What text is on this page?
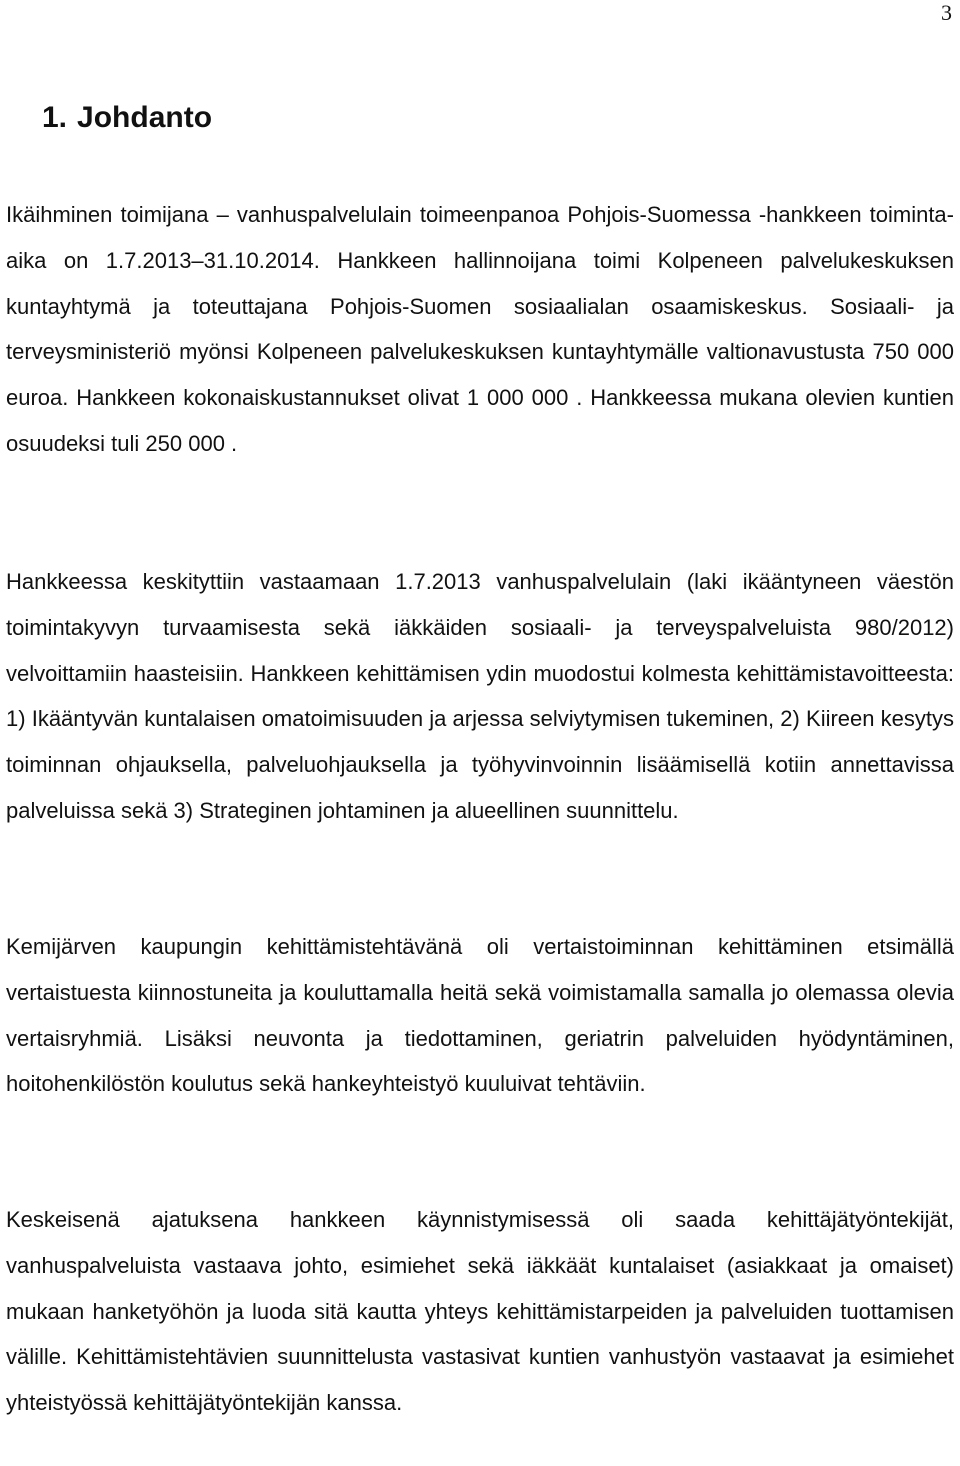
3
1. Johdanto

Ikäihminen toimijana – vanhuspalvelulain toimeenpanoa Pohjois-Suomessa -hankkeen toiminta-aika on 1.7.2013–31.10.2014. Hankkeen hallinnoijana toimi Kolpeneen palvelukeskuksen kuntayhtymä ja toteuttajana Pohjois-Suomen sosiaalialan osaamiskeskus. Sosiaali- ja terveysministeriö myönsi Kolpeneen palvelukeskuksen kuntayhtymälle valtionavustusta 750 000 euroa. Hankkeen kokonaiskustannukset olivat 1 000 000 . Hankkeessa mukana olevien kuntien osuudeksi tuli 250 000 .

Hankkeessa keskityttiin vastaamaan 1.7.2013 vanhuspalvelulain (laki ikääntyneen väestön toimintakyvyn turvaamisesta sekä iäkkäiden sosiaali- ja terveyspalveluista 980/2012) velvoittamiin haasteisiin. Hankkeen kehittämisen ydin muodostui kolmesta kehittämistavoitteesta: 1) Ikääntyvän kuntalaisen omatoimisuuden ja arjessa selviytymisen tukeminen, 2) Kiireen kesytys toiminnan ohjauksella, palveluohjauksella ja työhyvinvoinnin lisäämisellä kotiin annettavissa palveluissa sekä 3) Strateginen johtaminen ja alueellinen suunnittelu.

Kemijärven kaupungin kehittämistehtävänä oli vertaistoiminnan kehittäminen etsimällä vertaistuesta kiinnostuneita ja kouluttamalla heitä sekä voimistamalla samalla jo olemassa olevia vertaisryhmiä. Lisäksi neuvonta ja tiedottaminen, geriatrin palveluiden hyödyntäminen, hoitohenkilöstön koulutus sekä hankeyhteistyö kuuluivat tehtäviin.

Keskeisenä ajatuksena hankkeen käynnistymisessä oli saada kehittäjätyöntekijät, vanhuspalveluista vastaava johto, esimiehet sekä iäkkäät kuntalaiset (asiakkaat ja omaiset) mukaan hanketyöhön ja luoda sitä kautta yhteys kehittämistarpeiden ja palveluiden tuottamisen välille. Kehittämistehtävien suunnittelusta vastasivat kuntien vanhustyön vastaavat ja esimiehet yhteistyössä kehittäjätyöntekijän kanssa.
